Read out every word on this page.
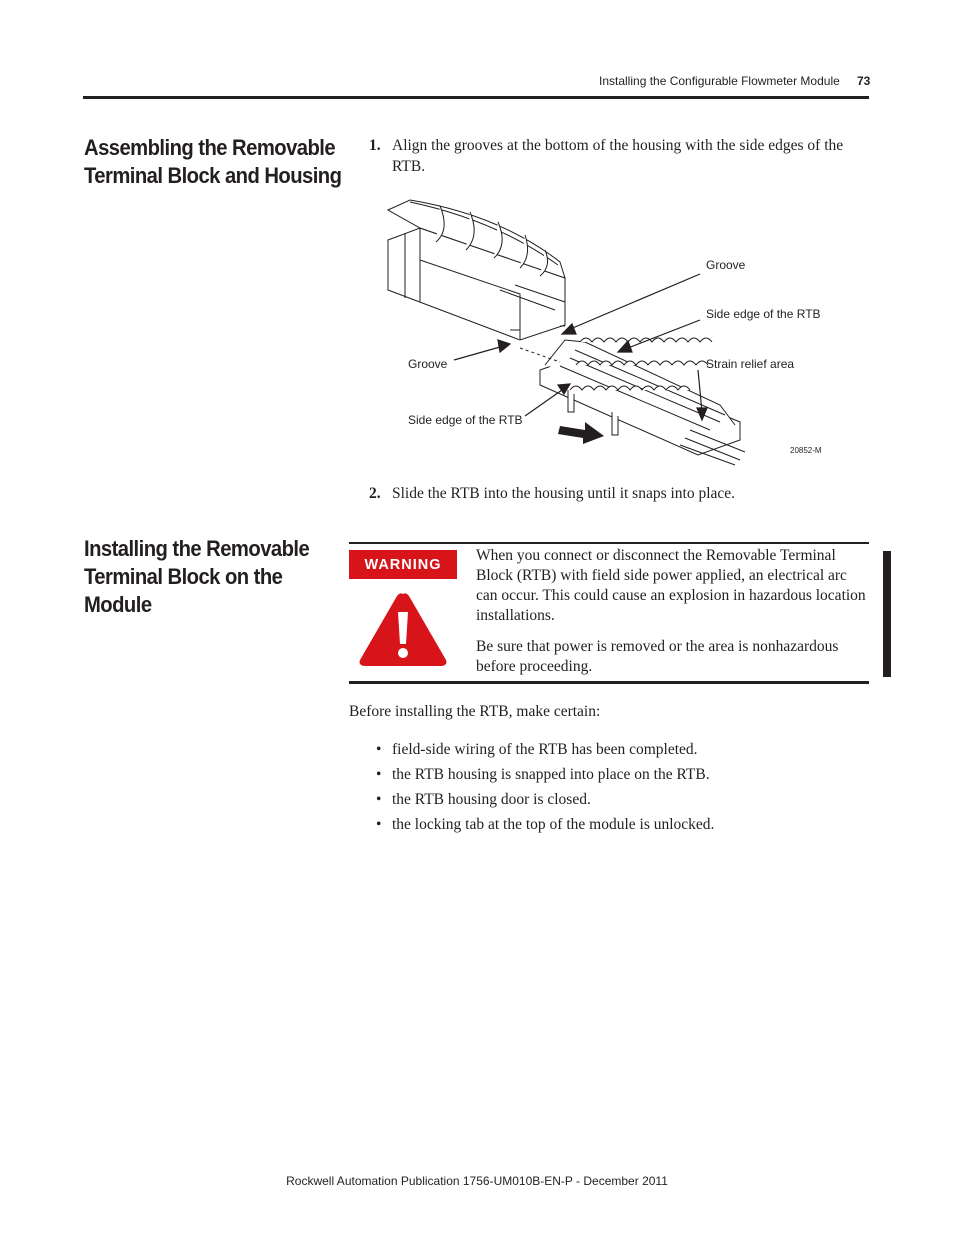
Installing the Configurable Flowmeter Module 73
Assembling the Removable Terminal Block and Housing
1. Align the grooves at the bottom of the housing with the side edges of the RTB.
Groove
Side edge of the RTB
Strain relief area
Groove
Side edge of the RTB
20852-M
2. Slide the RTB into the housing until it snaps into place.
Installing the Removable Terminal Block on the Module
WARNING
When you connect or disconnect the Removable Terminal Block (RTB) with field side power applied, an electrical arc can occur. This could cause an explosion in hazardous location installations.
Be sure that power is removed or the area is nonhazardous before proceeding.
Before installing the RTB, make certain:
• field-side wiring of the RTB has been completed.
• the RTB housing is snapped into place on the RTB.
• the RTB housing door is closed.
• the locking tab at the top of the module is unlocked.
Rockwell Automation Publication 1756-UM010B-EN-P - December 2011
